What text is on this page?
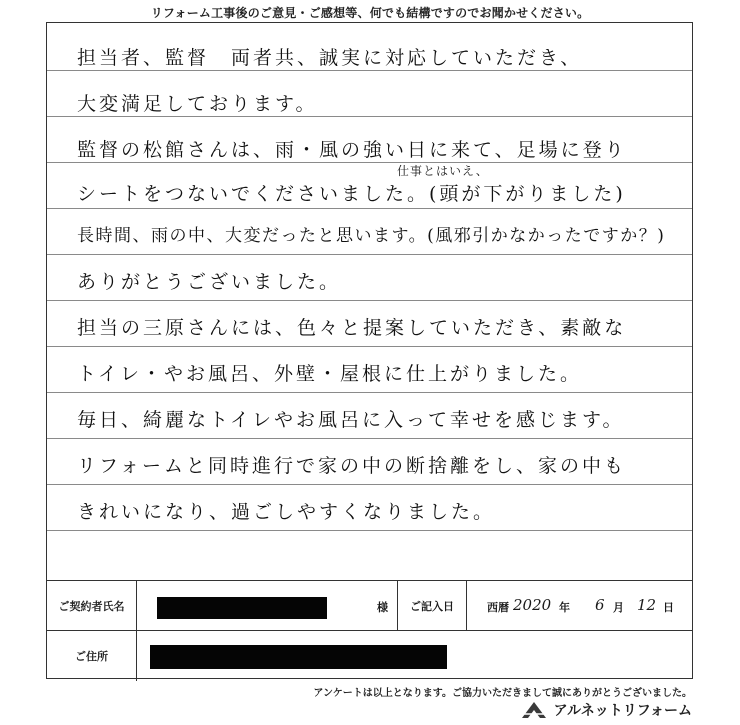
リフォーム工事後のご意見・ご感想等、何でも結構ですのでお聞かせください。
担当者、監督　両者共、誠実に対応していただき、
大変満足しております。
監督の松館さんは、雨・風の強い日に来て、足場に登り
仕事とはいえ、
シートをつないでくださいました。(頭が下がりました)
長時間、雨の中、大変だったと思います。(風邪引かなかったですか？)
ありがとうございました。
担当の三原さんには、色々と提案していただき、素敵な
トイレ・やお風呂、外壁・屋根に仕上がりました。
毎日、綺麗なトイレやお風呂に入って幸せを感じます。
リフォームと同時進行で家の中の断捨離をし、家の中も
きれいになり、過ごしやすくなりました。
ご契約者氏名	様	ご記入日	西暦 2020 年 6 月 12 日
ご住所
アンケートは以上となります。ご協力いただきまして誠にありがとうございました。
アルネットリフォーム
